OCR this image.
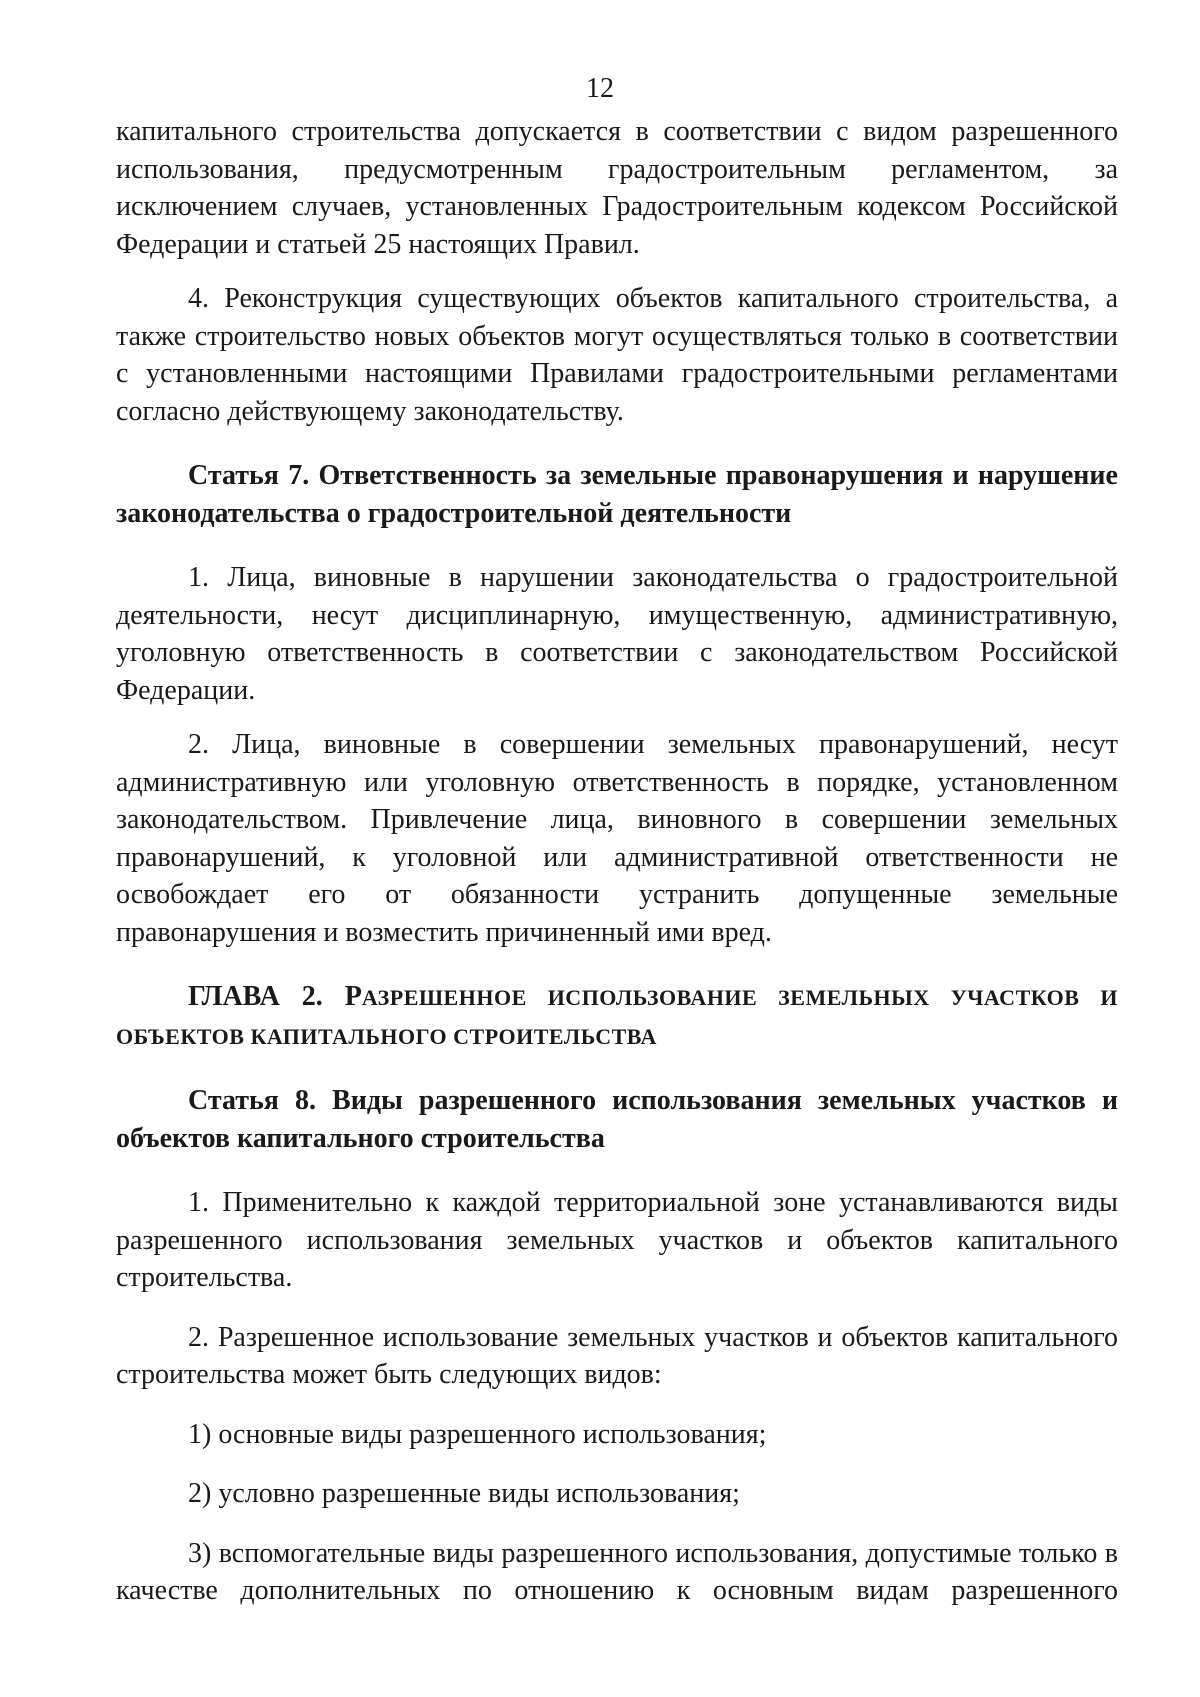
12

капитального строительства допускается в соответствии с видом разрешенного использования, предусмотренным градостроительным регламентом, за исключением случаев, установленных Градостроительным кодексом Российской Федерации и статьей 25 настоящих Правил.

4. Реконструкция существующих объектов капитального строительства, а также строительство новых объектов могут осуществляться только в соответствии с установленными настоящими Правилами градостроительными регламентами согласно действующему законодательству.

Статья 7. Ответственность за земельные правонарушения и нарушение законодательства о градостроительной деятельности

1. Лица, виновные в нарушении законодательства о градостроительной деятельности, несут дисциплинарную, имущественную, административную, уголовную ответственность в соответствии с законодательством Российской Федерации.

2. Лица, виновные в совершении земельных правонарушений, несут административную или уголовную ответственность в порядке, установленном законодательством. Привлечение лица, виновного в совершении земельных правонарушений, к уголовной или административной ответственности не освобождает его от обязанности устранить допущенные земельные правонарушения и возместить причиненный ими вред.

ГЛАВА 2. РАЗРЕШЕННОЕ ИСПОЛЬЗОВАНИЕ ЗЕМЕЛЬНЫХ УЧАСТКОВ И ОБЪЕКТОВ КАПИТАЛЬНОГО СТРОИТЕЛЬСТВА

Статья 8. Виды разрешенного использования земельных участков и объектов капитального строительства

1. Применительно к каждой территориальной зоне устанавливаются виды разрешенного использования земельных участков и объектов капитального строительства.

2. Разрешенное использование земельных участков и объектов капитального строительства может быть следующих видов:

1) основные виды разрешенного использования;

2) условно разрешенные виды использования;

3) вспомогательные виды разрешенного использования, допустимые только в качестве дополнительных по отношению к основным видам разрешенного
